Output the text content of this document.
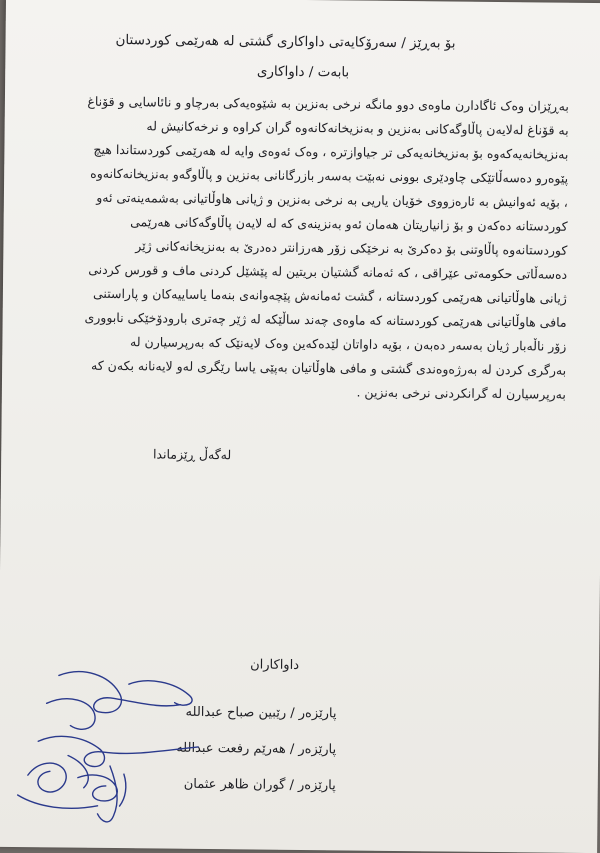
بۆ بەڕێز / سەرۆکایەتی داواکاری گشتی لە هەرێمی کوردستان
بابەت / داواکاری
بەڕێزان وەک ئاگادارن ماوەی دوو مانگە نرخی بەنزین بە شێوەیەکی بەرچاو و نائاسایی و قۆناغ
بە قۆناغ لەلایەن پاڵاوگەکانی بەنزین و بەنزیخانەکانەوە گران کراوە و نرخەکانیش لە
بەنزیخانەیەکەوە بۆ بەنزیخانەیەکی تر جیاوازترە ، وەک ئەوەی وایە لە هەرێمی کوردستاندا هیچ
پێوەرو دەسەڵاتێکی چاودێری بوونی نەبێت بەسەر بازرگانانی بەنزین و پاڵاوگەو بەنزیخانەکانەوە
، بۆیە ئەوانیش بە ئارەزووی خۆیان یاریی بە نرخی بەنزین و ژیانی هاوڵاتیانی بەشمەینەتی ئەو
کوردستانە دەکەن و بۆ زانیاریتان هەمان ئەو بەنزینەی کە لە لایەن پاڵاوگەکانی هەرێمی
کوردستانەوە پاڵاوتنی بۆ دەکرێ بە نرخێکی زۆر هەرزانتر دەدرێ بە بەنزیخانەکانی ژێر
دەسەڵاتی حکومەتی عێراقی ، کە ئەمانە گشتیان بریتین لە پێشێل کردنی ماف و قورس کردنی
ژیانی هاوڵاتیانی هەرێمی کوردستانە ، گشت ئەمانەش پێچەوانەی بنەما یاساییەکان و پاراستنی
مافی هاوڵاتیانی هەرێمی کوردستانە کە ماوەی چەند ساڵێکە لە ژێر چەتری بارودۆخێکی نابووری
زۆر ناڵەبار ژیان بەسەر دەبەن ، بۆیە داواتان لێدەکەین وەک لایەنێک کە بەرپرسیارن لە
بەرگری کردن لە بەرژەوەندی گشتی و مافی هاوڵاتیان بەپێی یاسا رێگری لەو لایەنانە بکەن کە
بەرپرسیارن لە گرانکردنی نرخی بەنزین .
لەگەڵ ڕێزماندا
داواکاران
پارێزەر / رێبین صباح عبداللە
پارێزەر / هەرێم رفعت عبداللە
پارێزەر / گوران ظاهر عثمان
